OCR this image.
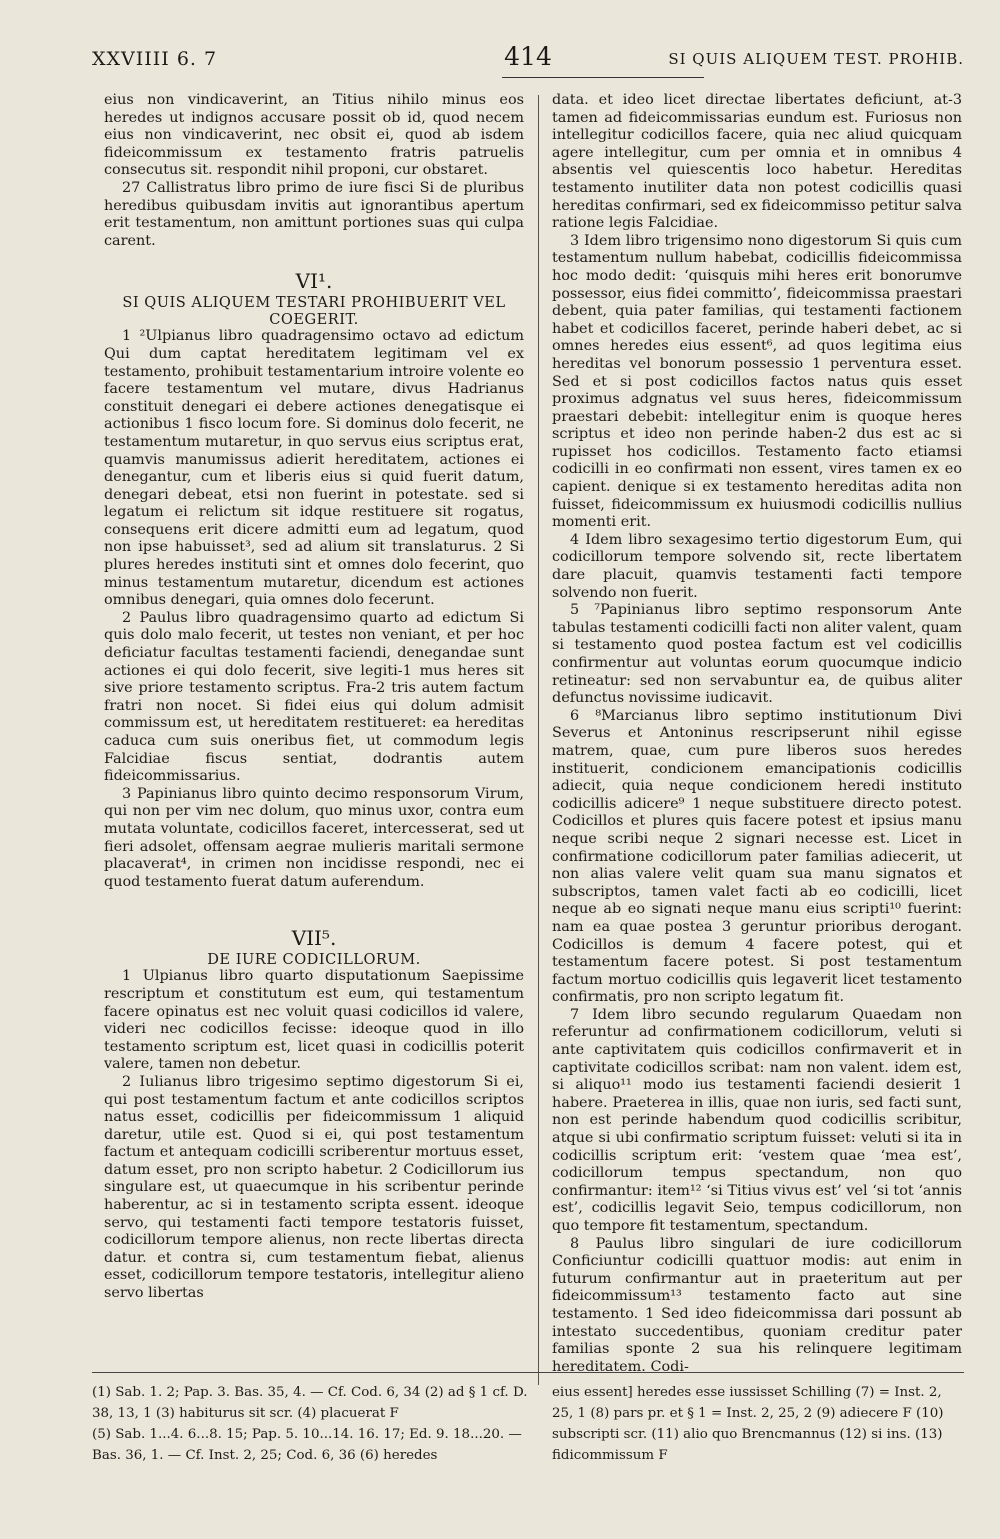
XXVIIII 6. 7	414	SI QUIS ALIQUEM TEST. PROHIB.

eius non vindicaverint, an Titius nihilo minus eos heredes ut indignos accusare possit ob id, quod necem eius non vindicaverint, nec obsit ei, quod ab isdem fideicommissum ex testamento fratris patruelis consecutus sit. respondit nihil proponi, cur obstaret.

27 Callistratus libro primo de iure fisci Si de pluribus heredibus quibusdam invitis aut ignorantibus apertum erit testamentum, non amittunt portiones suas qui culpa carent.

VI¹.
SI QUIS ALIQUEM TESTARI PROHIBUERIT VEL COEGERIT.

1 ²Ulpianus libro quadragensimo octavo ad edictum Qui dum captat hereditatem legitimam vel ex testamento, prohibuit testamentarium introire volente eo facere testamentum vel mutare, divus Hadrianus constituit denegari ei debere actiones denegatisque ei actionibus 1 fisco locum fore. Si dominus dolo fecerit, ne testamentum mutaretur, in quo servus eius scriptus erat, quamvis manumissus adierit hereditatem, actiones ei denegantur, cum et liberis eius si quid fuerit datum, denegari debeat, etsi non fuerint in potestate. sed si legatum ei relictum sit idque restituere sit rogatus, consequens erit dicere admitti eum ad legatum, quod non ipse habuisset³, sed ad alium sit translaturus. 2 Si plures heredes instituti sint et omnes dolo fecerint, quo minus testamentum mutaretur, dicendum est actiones omnibus denegari, quia omnes dolo fecerunt.

2 Paulus libro quadragensimo quarto ad edictum Si quis dolo malo fecerit, ut testes non veniant, et per hoc deficiatur facultas testamenti faciendi, denegandae sunt actiones ei qui dolo fecerit, sive legiti-1 mus heres sit sive priore testamento scriptus. Fra-2 tris autem factum fratri non nocet. Si fidei eius qui dolum admisit commissum est, ut hereditatem restitueret: ea hereditas caduca cum suis oneribus fiet, ut commodum legis Falcidiae fiscus sentiat, dodrantis autem fideicommissarius.

3 Papinianus libro quinto decimo responsorum Virum, qui non per vim nec dolum, quo minus uxor, contra eum mutata voluntate, codicillos faceret, intercesserat, sed ut fieri adsolet, offensam aegrae mulieris maritali sermone placaverat⁴, in crimen non incidisse respondi, nec ei quod testamento fuerat datum auferendum.

VII⁵.
DE IURE CODICILLORUM.

1 Ulpianus libro quarto disputationum Saepissime rescriptum et constitutum est eum, qui testamentum facere opinatus est nec voluit quasi codicillos id valere, videri nec codicillos fecisse: ideoque quod in illo testamento scriptum est, licet quasi in codicillis poterit valere, tamen non debetur.

2 Iulianus libro trigesimo septimo digestorum Si ei, qui post testamentum factum et ante codicillos scriptos natus esset, codicillis per fideicommissum 1 aliquid daretur, utile est. Quod si ei, qui post testamentum factum et antequam codicilli scriberentur mortuus esset, datum esset, pro non scripto habetur. 2 Codicillorum ius singulare est, ut quaecumque in his scribentur perinde haberentur, ac si in testamento scripta essent. ideoque servo, qui testamenti facti tempore testatoris fuisset, codicillorum tempore alienus, non recte libertas directa datur. et contra si, cum testamentum fiebat, alienus esset, codicillorum tempore testatoris, intellegitur alieno servo libertas

data. et ideo licet directae libertates deficiunt, at-3 tamen ad fideicommissarias eundum est. Furiosus non intellegitur codicillos facere, quia nec aliud quicquam agere intellegitur, cum per omnia et in omnibus 4 absentis vel quiescentis loco habetur. Hereditas testamento inutiliter data non potest codicillis quasi hereditas confirmari, sed ex fideicommisso petitur salva ratione legis Falcidiae.

3 Idem libro trigensimo nono digestorum Si quis cum testamentum nullum habebat, codicillis fideicommissa hoc modo dedit: ‘quisquis mihi heres erit bonorumve possessor, eius fidei committo’, fideicommissa praestari debent, quia pater familias, qui testamenti factionem habet et codicillos faceret, perinde haberi debet, ac si omnes heredes eius essent⁶, ad quos legitima eius hereditas vel bonorum possessio 1 perventura esset. Sed et si post codicillos factos natus quis esset proximus adgnatus vel suus heres, fideicommissum praestari debebit: intellegitur enim is quoque heres scriptus et ideo non perinde haben-2 dus est ac si rupisset hos codicillos. Testamento facto etiamsi codicilli in eo confirmati non essent, vires tamen ex eo capient. denique si ex testamento hereditas adita non fuisset, fideicommissum ex huiusmodi codicillis nullius momenti erit.

4 Idem libro sexagesimo tertio digestorum Eum, qui codicillorum tempore solvendo sit, recte libertatem dare placuit, quamvis testamenti facti tempore solvendo non fuerit.

5 ⁷Papinianus libro septimo responsorum Ante tabulas testamenti codicilli facti non aliter valent, quam si testamento quod postea factum est vel codicillis confirmentur aut voluntas eorum quocumque indicio retineatur: sed non servabuntur ea, de quibus aliter defunctus novissime iudicavit.

6 ⁸Marcianus libro septimo institutionum Divi Severus et Antoninus rescripserunt nihil egisse matrem, quae, cum pure liberos suos heredes instituerit, condicionem emancipationis codicillis adiecit, quia neque condicionem heredi instituto codicillis adicere⁹ 1 neque substituere directo potest. Codicillos et plures quis facere potest et ipsius manu neque scribi neque 2 signari necesse est. Licet in confirmatione codicillorum pater familias adiecerit, ut non alias valere velit quam sua manu signatos et subscriptos, tamen valet facti ab eo codicilli, licet neque ab eo signati neque manu eius scripti¹⁰ fuerint: nam ea quae postea 3 geruntur prioribus derogant. Codicillos is demum 4 facere potest, qui et testamentum facere potest. Si post testamentum factum mortuo codicillis quis legaverit licet testamento confirmatis, pro non scripto legatum fit.

7 Idem libro secundo regularum Quaedam non referuntur ad confirmationem codicillorum, veluti si ante captivitatem quis codicillos confirmaverit et in captivitate codicillos scribat: nam non valent. idem est, si aliquo¹¹ modo ius testamenti faciendi desierit 1 habere. Praeterea in illis, quae non iuris, sed facti sunt, non est perinde habendum quod codicillis scribitur, atque si ubi confirmatio scriptum fuisset: veluti si ita in codicillis scriptum erit: ‘vestem quae ‘mea est’, codicillorum tempus spectandum, non quo confirmantur: item¹² ‘si Titius vivus est’ vel ‘si tot ‘annis est’, codicillis legavit Seio, tempus codicillorum, non quo tempore fit testamentum, spectandum.

8 Paulus libro singulari de iure codicillorum Conficiuntur codicilli quattuor modis: aut enim in futurum confirmantur aut in praeteritum aut per fideicommissum¹³ testamento facto aut sine testamento. 1 Sed ideo fideicommissa dari possunt ab intestato succedentibus, quoniam creditur pater familias sponte 2 sua his relinquere legitimam hereditatem. Codi-

(1) Sab. 1. 2; Pap. 3. Bas. 35, 4. — Cf. Cod. 6, 34 (2) ad § 1 cf. D. 38, 13, 1 (3) habiturus sit scr. (4) placuerat F

(5) Sab. 1...4. 6...8. 15; Pap. 5. 10...14. 16. 17; Ed. 9. 18...20. — Bas. 36, 1. — Cf. Inst. 2, 25; Cod. 6, 36 (6) heredes

eius essent] heredes esse iussisset Schilling (7) = Inst. 2, 25, 1 (8) pars pr. et § 1 = Inst. 2, 25, 2 (9) adiecere F (10) subscripti scr. (11) alio quo Brencmannus (12) si ins. (13) fidicommissum F
